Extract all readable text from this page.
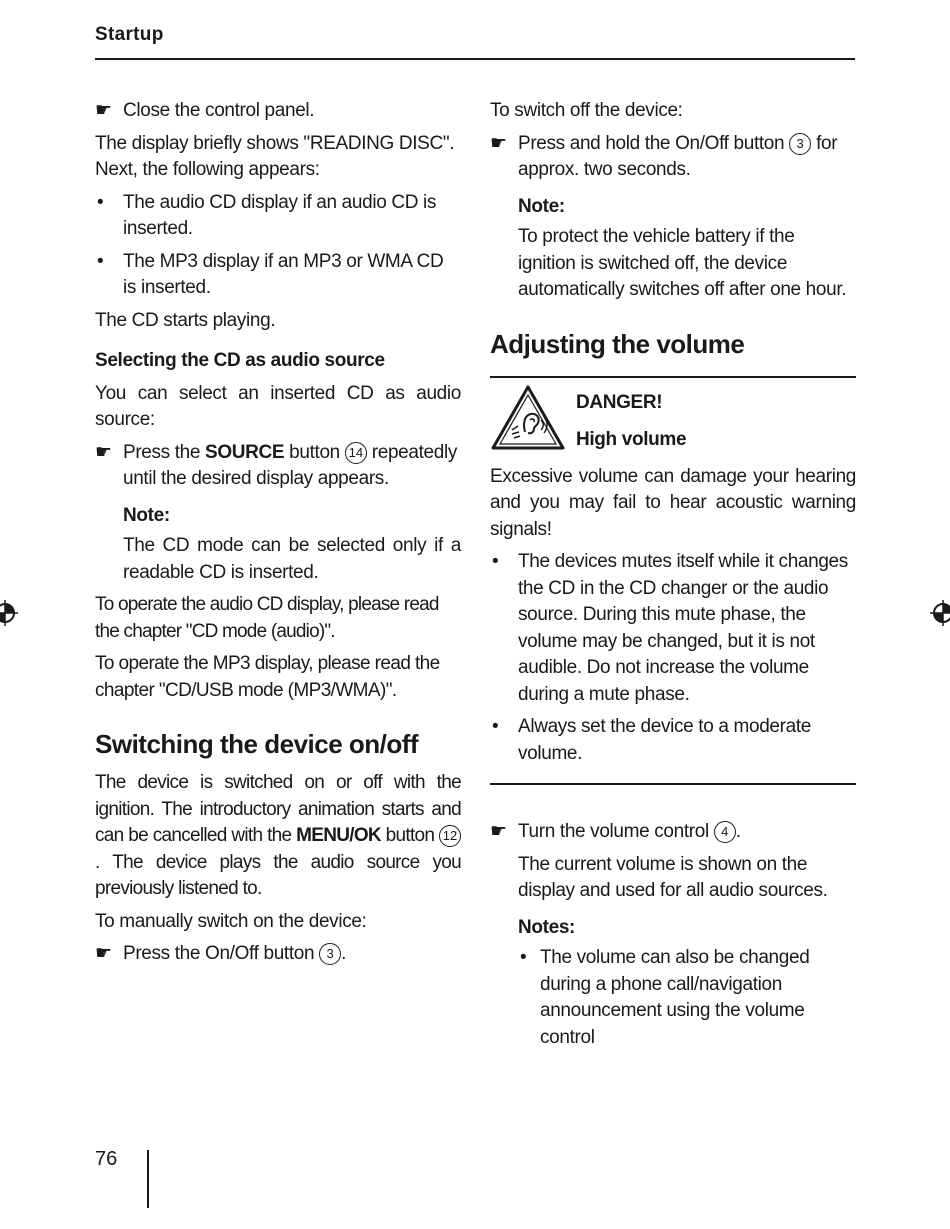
Startup
☛ Close the control panel.

The display briefly shows "READING DISC". Next, the following appears:

• The audio CD display if an audio CD is inserted.
• The MP3 display if an MP3 or WMA CD is inserted.

The CD starts playing.

Selecting the CD as audio source

You can select an inserted CD as audio source:

☛ Press the SOURCE button 14 repeatedly until the desired display appears.
Note:
The CD mode can be selected only if a readable CD is inserted.

To operate the audio CD display, please read the chapter "CD mode (audio)".

To operate the MP3 display, please read the chapter "CD/USB mode (MP3/WMA)".

Switching the device on/off

The device is switched on or off with the ignition. The introductory animation starts and can be cancelled with the MENU/OK button 12. The device plays the audio source you previously listened to.

To manually switch on the device:

☛ Press the On/Off button 3 .

To switch off the device:

☛ Press and hold the On/Off button 3 for approx. two seconds.
Note:
To protect the vehicle battery if the ignition is switched off, the device automatically switches off after one hour.
Adjusting the volume
DANGER!
High volume

Excessive volume can damage your hearing and you may fail to hear acoustic warning signals!

• The devices mutes itself while it changes the CD in the CD changer or the audio source. During this mute phase, the volume may be changed, but it is not audible. Do not increase the volume during a mute phase.
• Always set the device to a moderate volume.
☛ Turn the volume control 4 .

The current volume is shown on the display and used for all audio sources.

Notes:
• The volume can also be changed during a phone call/navigation announcement using the volume control
76
